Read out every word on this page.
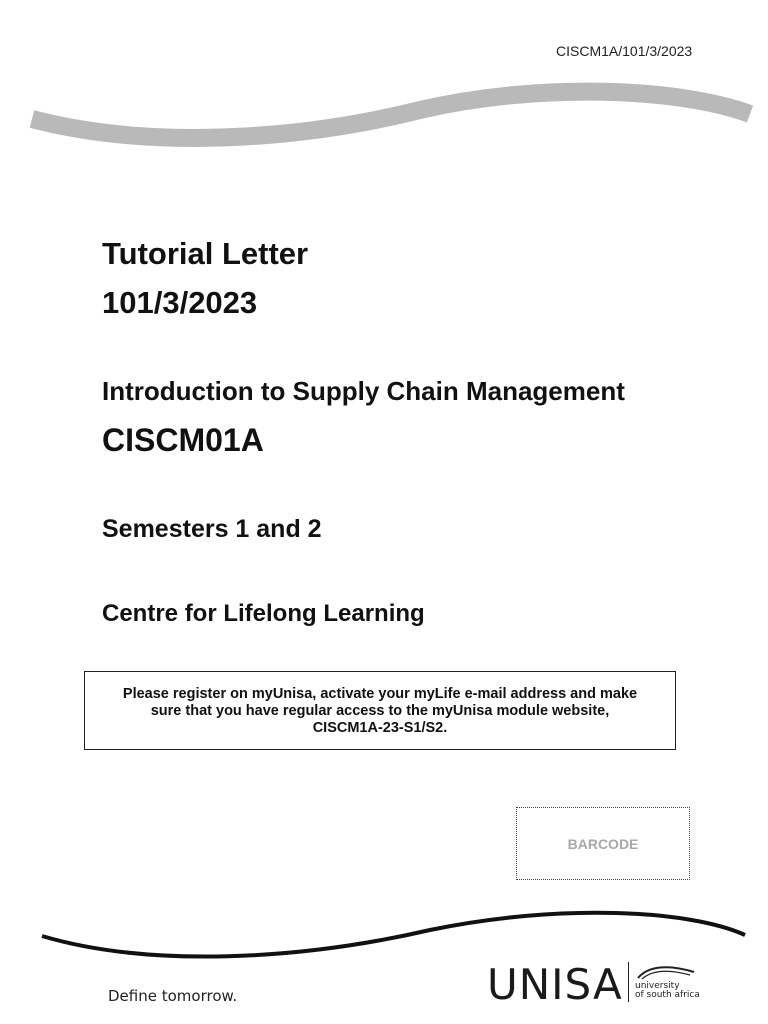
CISCM1A/101/3/2023
Tutorial Letter
101/3/2023
Introduction to Supply Chain Management
CISCM01A
Semesters 1 and 2
Centre for Lifelong Learning
Please register on myUnisa, activate your myLife e-mail address and make
sure that you have regular access to the myUnisa module website,
CISCM1A-23-S1/S2.
BARCODE
Define tomorrow.	UNISA university
of south africa
